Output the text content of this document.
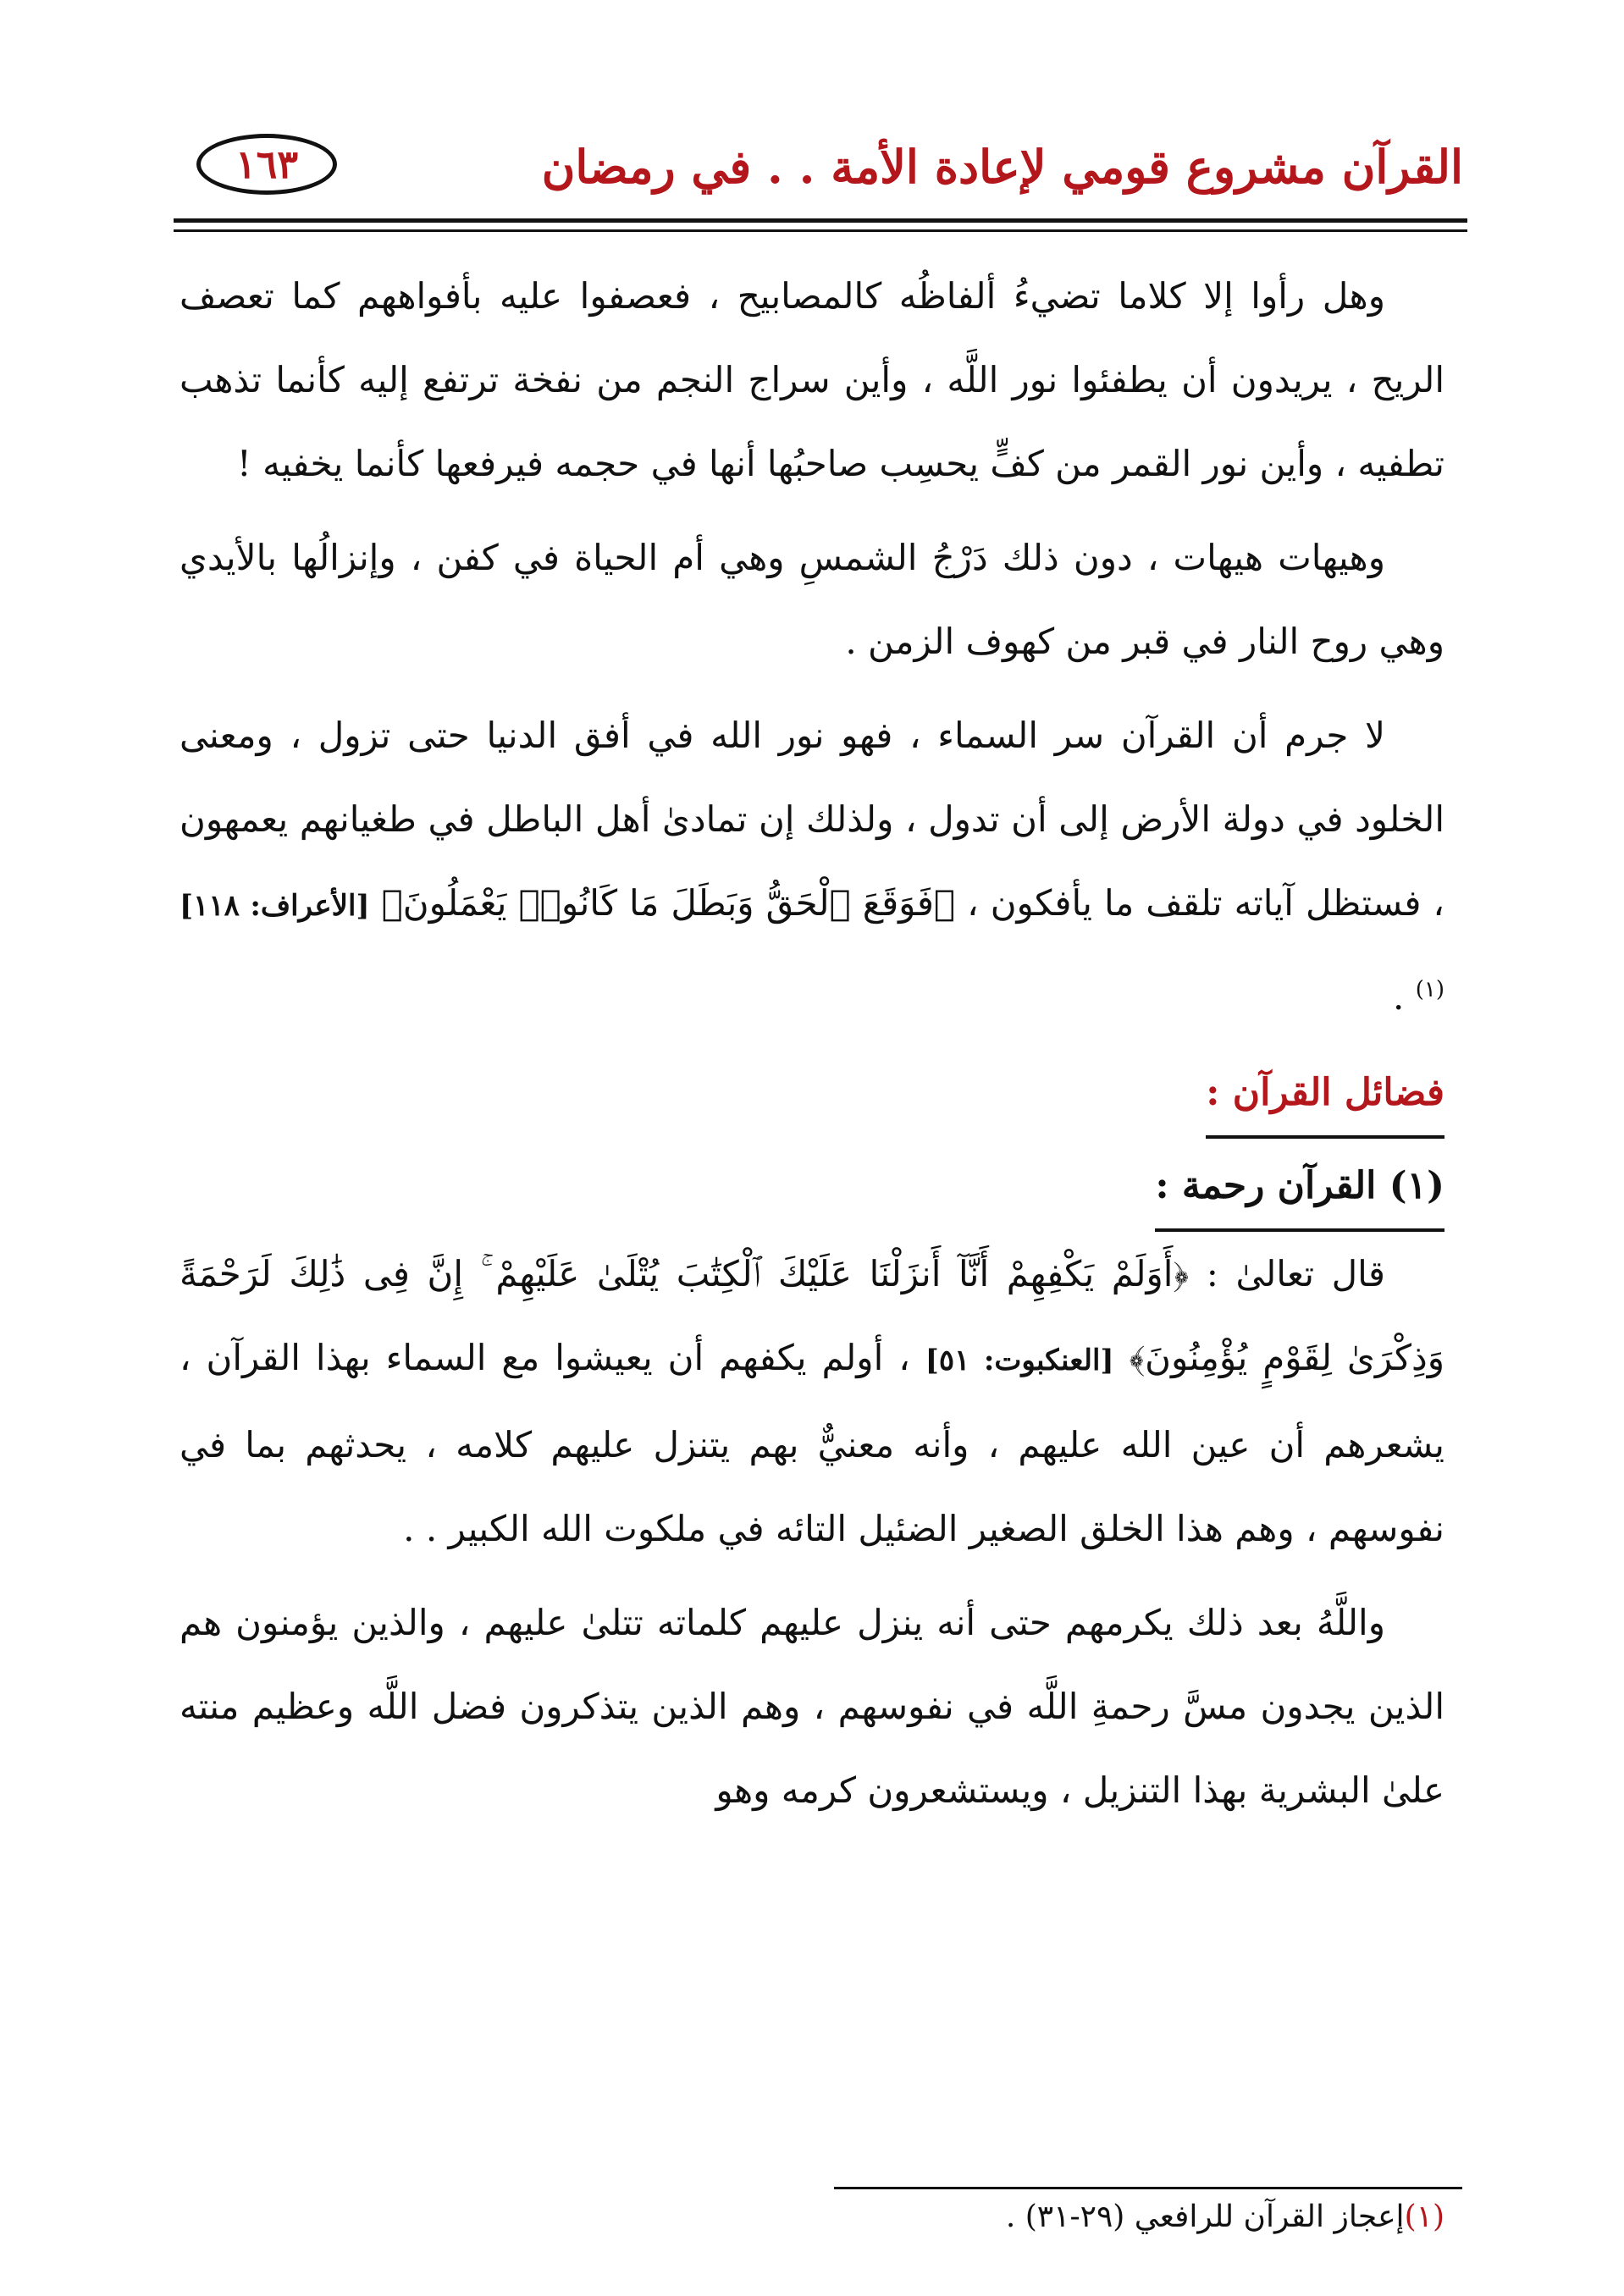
القرآن مشروع قومي لإعادة الأمة . . في رمضان
١٦٣

وهل رأوا إلا كلاما تضيءُ ألفاظُه كالمصابيح ، فعصفوا عليه بأفواههم كما تعصف الريح ، يريدون أن يطفئوا نور اللَّه ، وأين سراج النجم من نفخة ترتفع إليه كأنما تذهب تطفيه ، وأين نور القمر من كفٍّ يحسِب صاحبُها أنها في حجمه فيرفعها كأنما يخفيه !

وهيهات هيهات ، دون ذلك دَرْجُ الشمسِ وهي أم الحياة في كفن ، وإنزالُها بالأيدي وهي روح النار في قبر من كهوف الزمن .

لا جرم أن القرآن سر السماء ، فهو نور الله في أفق الدنيا حتى تزول ، ومعنى الخلود في دولة الأرض إلى أن تدول ، ولذلك إن تمادىٰ أهل الباطل في طغيانهم يعمهون ، فستظل آياته تلقف ما يأفكون ، ﴿فَوَقَعَ ٱلْحَقُّ وَبَطَلَ مَا كَانُوا۟ يَعْمَلُونَ﴾ [الأعراف: ١١٨]$^{(١)}$ .

فضائل القرآن :
(١) القرآن رحمة :

قال تعالىٰ : ﴿أَوَلَمْ يَكْفِهِمْ أَنَّآ أَنزَلْنَا عَلَيْكَ ٱلْكِتَٰبَ يُتْلَىٰ عَلَيْهِمْ ۚ إِنَّ فِى ذَٰلِكَ لَرَحْمَةً وَذِكْرَىٰ لِقَوْمٍ يُؤْمِنُونَ﴾ [العنكبوت: ٥١] ، أولم يكفهم أن يعيشوا مع السماء بهذا القرآن ، يشعرهم أن عين الله عليهم ، وأنه معنيٌّ بهم يتنزل عليهم كلامه ، يحدثهم بما في نفوسهم ، وهم هذا الخلق الصغير الضئيل التائه في ملكوت الله الكبير . .

واللَّهُ بعد ذلك يكرمهم حتى أنه ينزل عليهم كلماته تتلىٰ عليهم ، والذين يؤمنون هم الذين يجدون مسَّ رحمةِ اللَّه في نفوسهم ، وهم الذين يتذكرون فضل اللَّه وعظيم منته علىٰ البشرية بهذا التنزيل ، ويستشعرون كرمه وهو

(١)إعجاز القرآن للرافعي (٢٩-٣١) .
